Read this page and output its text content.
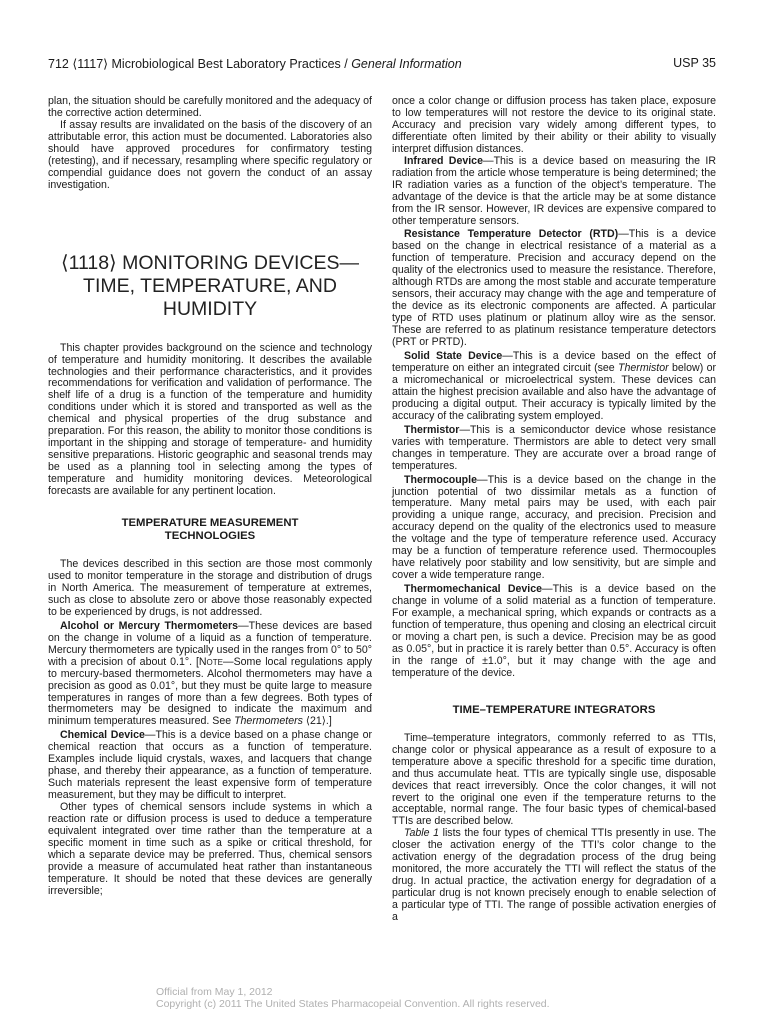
712 ⟨1117⟩ Microbiological Best Laboratory Practices / General Information	USP 35

plan, the situation should be carefully monitored and the adequacy of the corrective action determined.

If assay results are invalidated on the basis of the discovery of an attributable error, this action must be documented. Laboratories also should have approved procedures for confirmatory testing (retesting), and if necessary, resampling where specific regulatory or compendial guidance does not govern the conduct of an assay investigation.

⟨1118⟩ MONITORING DEVICES—
TIME, TEMPERATURE, AND
HUMIDITY

This chapter provides background on the science and technology of temperature and humidity monitoring. It describes the available technologies and their performance characteristics, and it provides recommendations for verification and validation of performance. The shelf life of a drug is a function of the temperature and humidity conditions under which it is stored and transported as well as the chemical and physical properties of the drug substance and preparation. For this reason, the ability to monitor those conditions is important in the shipping and storage of temperature- and humidity sensitive preparations. Historic geographic and seasonal trends may be used as a planning tool in selecting among the types of temperature and humidity monitoring devices. Meteorological forecasts are available for any pertinent location.

TEMPERATURE MEASUREMENT
TECHNOLOGIES

The devices described in this section are those most commonly used to monitor temperature in the storage and distribution of drugs in North America. The measurement of temperature at extremes, such as close to absolute zero or above those reasonably expected to be experienced by drugs, is not addressed.

Alcohol or Mercury Thermometers—These devices are based on the change in volume of a liquid as a function of temperature. Mercury thermometers are typically used in the ranges from 0° to 50° with a precision of about 0.1°. [NOTE—Some local regulations apply to mercury-based thermometers. Alcohol thermometers may have a precision as good as 0.01°, but they must be quite large to measure temperatures in ranges of more than a few degrees. Both types of thermometers may be designed to indicate the maximum and minimum temperatures measured. See Thermometers ⟨21⟩.]

Chemical Device—This is a device based on a phase change or chemical reaction that occurs as a function of temperature. Examples include liquid crystals, waxes, and lacquers that change phase, and thereby their appearance, as a function of temperature. Such materials represent the least expensive form of temperature measurement, but they may be difficult to interpret.

Other types of chemical sensors include systems in which a reaction rate or diffusion process is used to deduce a temperature equivalent integrated over time rather than the temperature at a specific moment in time such as a spike or critical threshold, for which a separate device may be preferred. Thus, chemical sensors provide a measure of accumulated heat rather than instantaneous temperature. It should be noted that these devices are generally irreversible;

once a color change or diffusion process has taken place, exposure to low temperatures will not restore the device to its original state. Accuracy and precision vary widely among different types, to differentiate often limited by their ability or their ability to visually interpret diffusion distances.

Infrared Device—This is a device based on measuring the IR radiation from the article whose temperature is being determined; the IR radiation varies as a function of the object’s temperature. The advantage of the device is that the article may be at some distance from the IR sensor. However, IR devices are expensive compared to other temperature sensors.

Resistance Temperature Detector (RTD)—This is a device based on the change in electrical resistance of a material as a function of temperature. Precision and accuracy depend on the quality of the electronics used to measure the resistance. Therefore, although RTDs are among the most stable and accurate temperature sensors, their accuracy may change with the age and temperature of the device as its electronic components are affected. A particular type of RTD uses platinum or platinum alloy wire as the sensor. These are referred to as platinum resistance temperature detectors (PRT or PRTD).

Solid State Device—This is a device based on the effect of temperature on either an integrated circuit (see Thermistor below) or a micromechanical or microelectrical system. These devices can attain the highest precision available and also have the advantage of producing a digital output. Their accuracy is typically limited by the accuracy of the calibrating system employed.

Thermistor—This is a semiconductor device whose resistance varies with temperature. Thermistors are able to detect very small changes in temperature. They are accurate over a broad range of temperatures.

Thermocouple—This is a device based on the change in the junction potential of two dissimilar metals as a function of temperature. Many metal pairs may be used, with each pair providing a unique range, accuracy, and precision. Precision and accuracy depend on the quality of the electronics used to measure the voltage and the type of temperature reference used. Accuracy may be a function of temperature reference used. Thermocouples have relatively poor stability and low sensitivity, but are simple and cover a wide temperature range.

Thermomechanical Device—This is a device based on the change in volume of a solid material as a function of temperature. For example, a mechanical spring, which expands or contracts as a function of temperature, thus opening and closing an electrical circuit or moving a chart pen, is such a device. Precision may be as good as 0.05°, but in practice it is rarely better than 0.5°. Accuracy is often in the range of ±1.0°, but it may change with the age and temperature of the device.

TIME–TEMPERATURE INTEGRATORS

Time–temperature integrators, commonly referred to as TTIs, change color or physical appearance as a result of exposure to a temperature above a specific threshold for a specific time duration, and thus accumulate heat. TTIs are typically single use, disposable devices that react irreversibly. Once the color changes, it will not revert to the original one even if the temperature returns to the acceptable, normal range. The four basic types of chemical-based TTIs are described below.

Table 1 lists the four types of chemical TTIs presently in use. The closer the activation energy of the TTI’s color change to the activation energy of the degradation process of the drug being monitored, the more accurately the TTI will reflect the status of the drug. In actual practice, the activation energy for degradation of a particular drug is not known precisely enough to enable selection of a particular type of TTI. The range of possible activation energies of a

Official from May 1, 2012
Copyright (c) 2011 The United States Pharmacopeial Convention. All rights reserved.
